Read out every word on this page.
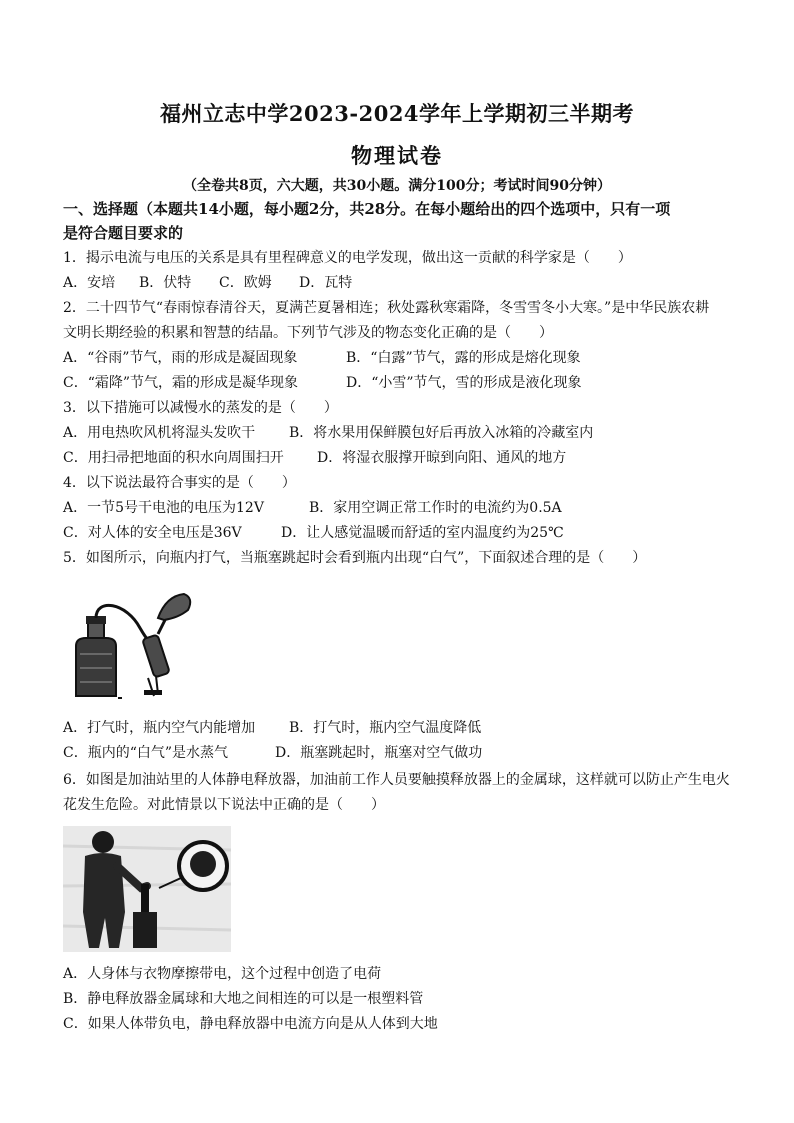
福州立志中学2023-2024学年上学期初三半期考
物理试卷
（全卷共8页，六大题，共30小题。满分100分；考试时间90分钟）
一、选择题（本题共14小题，每小题2分，共28分。在每小题给出的四个选项中，只有一项
是符合题目要求的
1．揭示电流与电压的关系是具有里程碑意义的电学发现，做出这一贡献的科学家是（　　）
A．安培 B．伏特 C．欧姆 D．瓦特
2．二十四节气“春雨惊春清谷天，夏满芒夏暑相连；秋处露秋寒霜降，冬雪雪冬小大寒。”是中华民族农耕
文明长期经验的积累和智慧的结晶。下列节气涉及的物态变化正确的是（　　）
A．“谷雨”节气，雨的形成是凝固现象	B．“白露”节气，露的形成是熔化现象
C．“霜降”节气，霜的形成是凝华现象	D．“小雪”节气，雪的形成是液化现象
3．以下措施可以减慢水的蒸发的是（　　）
A．用电热吹风机将湿头发吹干 B．将水果用保鲜膜包好后再放入冰箱的冷藏室内
C．用扫帚把地面的积水向周围扫开 D．将湿衣服撑开晾到向阳、通风的地方
4．以下说法最符合事实的是（　　）
A．一节5号干电池的电压为12V	B．家用空调正常工作时的电流约为0.5A
C．对人体的安全电压是36V	D．让人感觉温暖而舒适的室内温度约为25℃
5．如图所示，向瓶内打气，当瓶塞跳起时会看到瓶内出现“白气”，下面叙述合理的是（　　）
A．打气时，瓶内空气内能增加 B．打气时，瓶内空气温度降低
C．瓶内的“白气”是水蒸气	D．瓶塞跳起时，瓶塞对空气做功
6．如图是加油站里的人体静电释放器，加油前工作人员要触摸释放器上的金属球，这样就可以防止产生电火
花发生危险。对此情景以下说法中正确的是（　　）
A．人身体与衣物摩擦带电，这个过程中创造了电荷
B．静电释放器金属球和大地之间相连的可以是一根塑料管
C．如果人体带负电，静电释放器中电流方向是从人体到大地
